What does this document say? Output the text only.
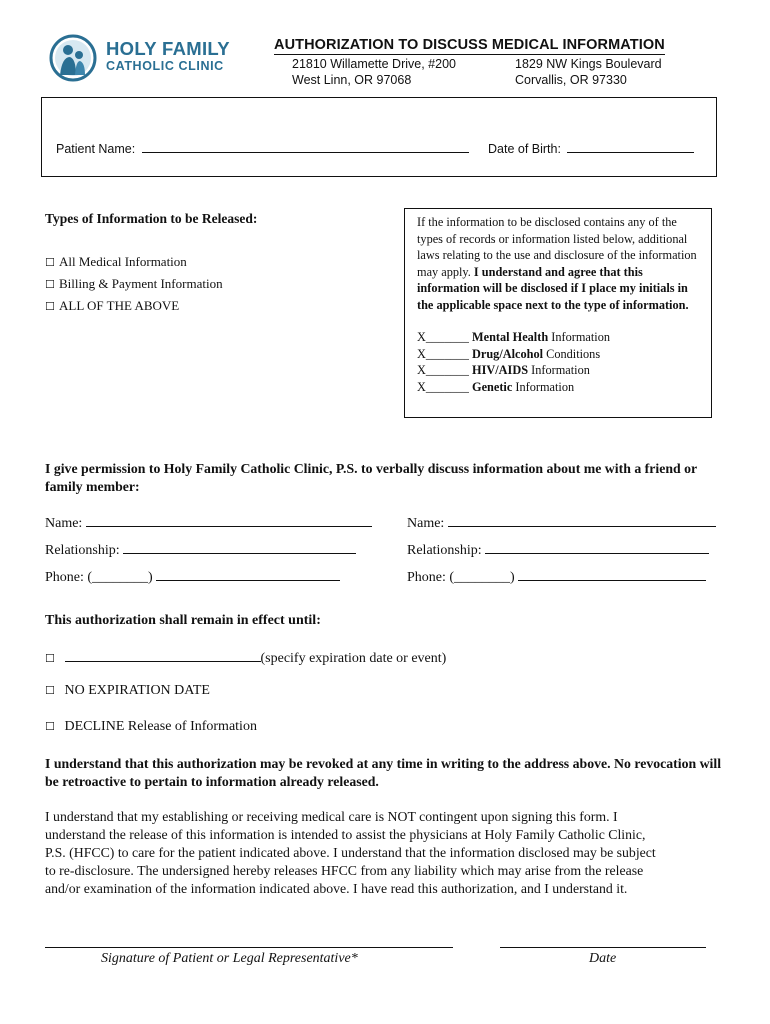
HOLY FAMILY
CATHOLIC CLINIC
AUTHORIZATION TO DISCUSS MEDICAL INFORMATION
21810 Willamette Drive, #200
West Linn, OR 97068
1829 NW Kings Boulevard
Corvallis, OR 97330
Patient Name:	Date of Birth:
Types of Information to be Released:
☐ All Medical Information
☐ Billing & Payment Information
☐ ALL OF THE ABOVE
If the information to be disclosed contains any of the types of records or information listed below, additional laws relating to the use and disclosure of the information may apply. I understand and agree that this information will be disclosed if I place my initials in the applicable space next to the type of information.
X_______ Mental Health Information
X_______ Drug/Alcohol Conditions
X_______ HIV/AIDS Information
X_______ Genetic Information
I give permission to Holy Family Catholic Clinic, P.S. to verbally discuss information about me with a friend or family member:
Name:	Name:
Relationship:	Relationship:
Phone: (________)	Phone: (________)
This authorization shall remain in effect until:
☐	(specify expiration date or event)
☐ NO EXPIRATION DATE
☐ DECLINE Release of Information
I understand that this authorization may be revoked at any time in writing to the address above. No revocation will be retroactive to pertain to information already released.
I understand that my establishing or receiving medical care is NOT contingent upon signing this form. I
understand the release of this information is intended to assist the physicians at Holy Family Catholic Clinic,
P.S. (HFCC) to care for the patient indicated above. I understand that the information disclosed may be subject
to re-disclosure. The undersigned hereby releases HFCC from any liability which may arise from the release
and/or examination of the information indicated above. I have read this authorization, and I understand it.
Signature of Patient or Legal Representative*	Date
